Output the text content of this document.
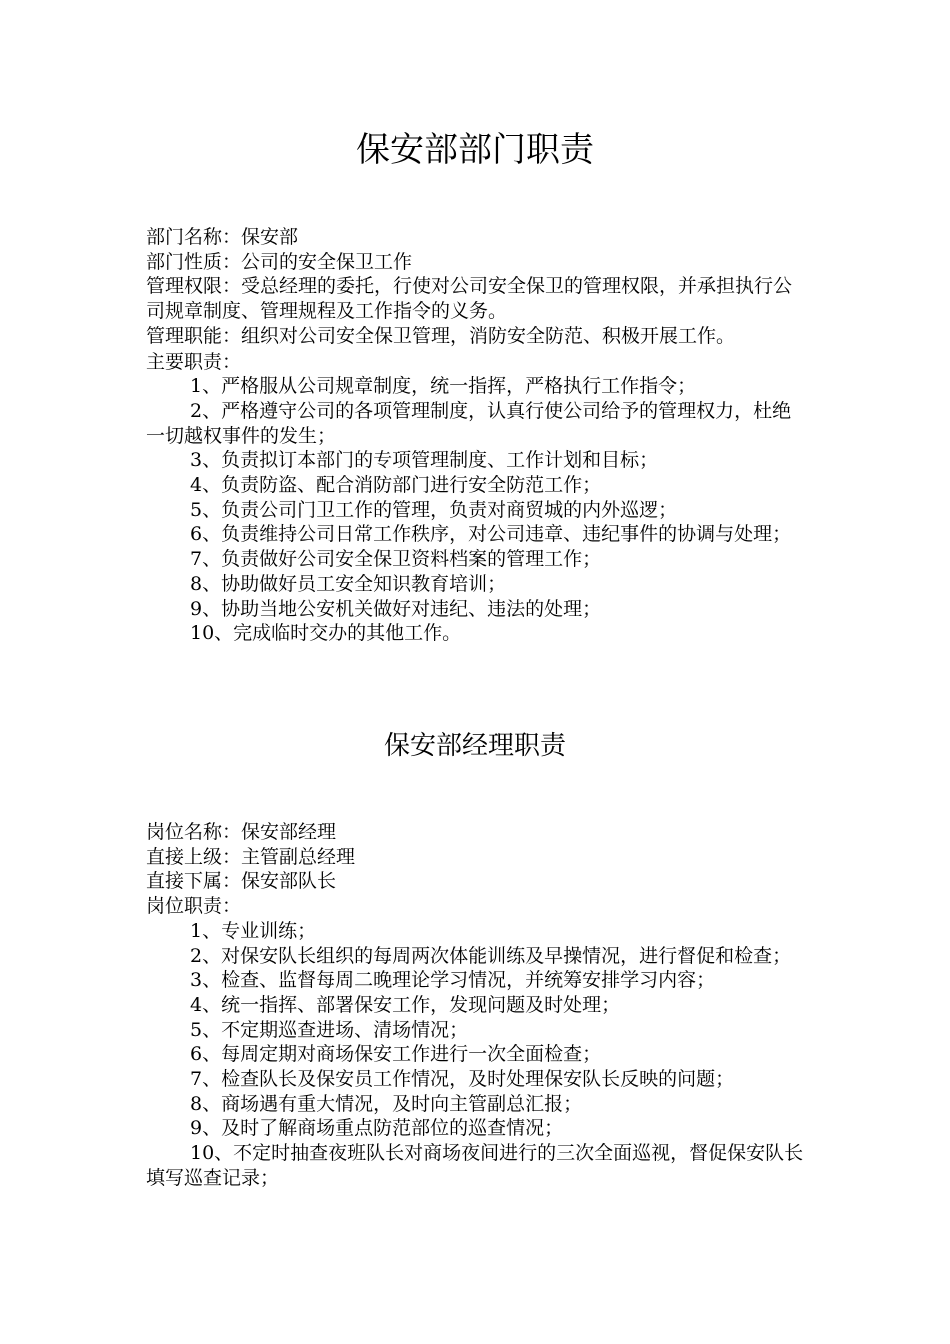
保安部部门职责
部门名称：保安部
部门性质：公司的安全保卫工作
管理权限：受总经理的委托，行使对公司安全保卫的管理权限，并承担执行公司规章制度、管理规程及工作指令的义务。
管理职能：组织对公司安全保卫管理，消防安全防范、积极开展工作。
主要职责：
1、严格服从公司规章制度，统一指挥，严格执行工作指令；
2、严格遵守公司的各项管理制度，认真行使公司给予的管理权力，杜绝一切越权事件的发生；
3、负责拟订本部门的专项管理制度、工作计划和目标；
4、负责防盗、配合消防部门进行安全防范工作；
5、负责公司门卫工作的管理，负责对商贸城的内外巡逻；
6、负责维持公司日常工作秩序，对公司违章、违纪事件的协调与处理；
7、负责做好公司安全保卫资料档案的管理工作；
8、协助做好员工安全知识教育培训；
9、协助当地公安机关做好对违纪、违法的处理；
10、完成临时交办的其他工作。
保安部经理职责
岗位名称：保安部经理
直接上级：主管副总经理
直接下属：保安部队长
岗位职责：
1、专业训练；
2、对保安队长组织的每周两次体能训练及早操情况，进行督促和检查；
3、检查、监督每周二晚理论学习情况，并统筹安排学习内容；
4、统一指挥、部署保安工作，发现问题及时处理；
5、不定期巡查进场、清场情况；
6、每周定期对商场保安工作进行一次全面检查；
7、检查队长及保安员工作情况，及时处理保安队长反映的问题；
8、商场遇有重大情况，及时向主管副总汇报；
9、及时了解商场重点防范部位的巡查情况；
10、不定时抽查夜班队长对商场夜间进行的三次全面巡视，督促保安队长填写巡查记录；
